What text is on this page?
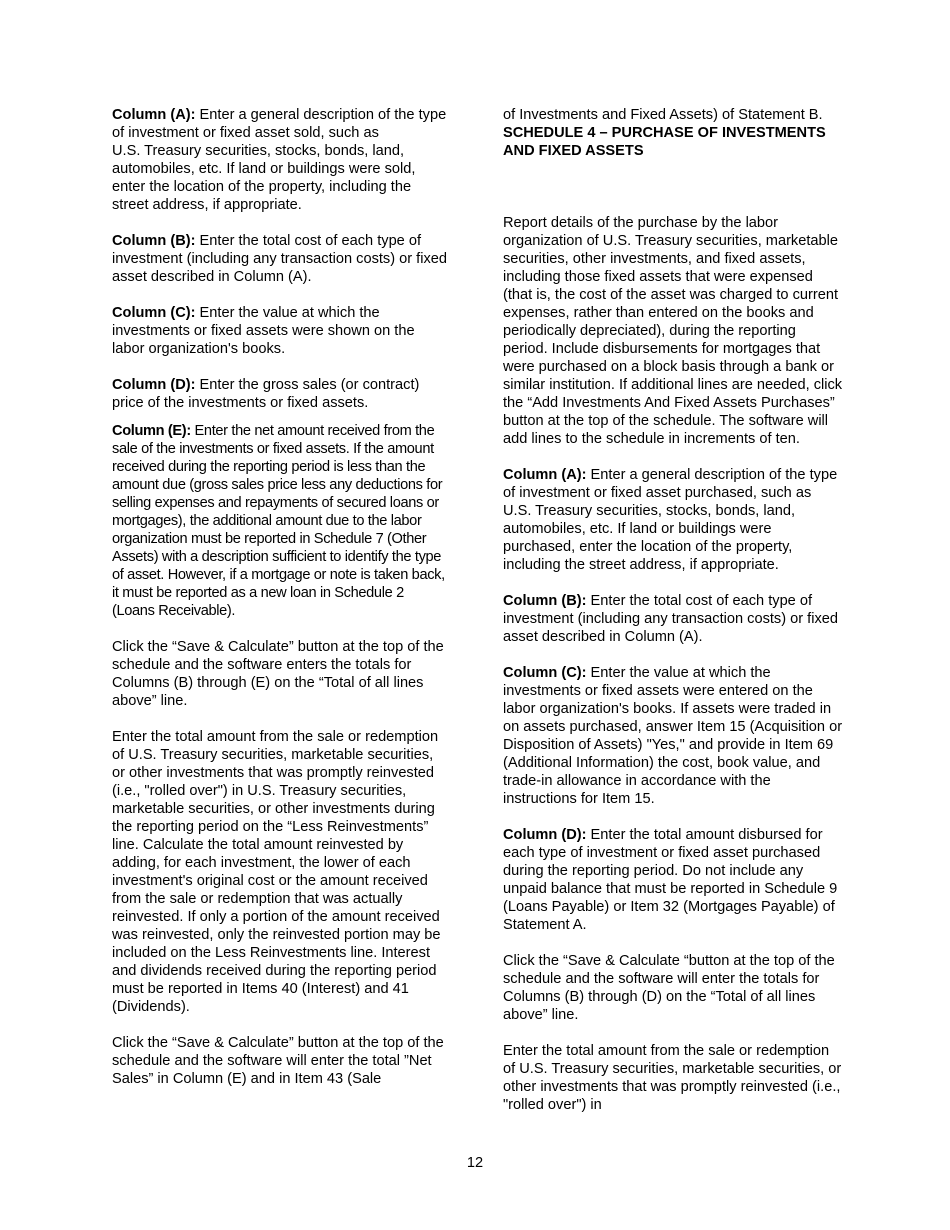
Column (A): Enter a general description of the type of investment or fixed asset sold, such as

U.S. Treasury securities, stocks, bonds, land, automobiles, etc. If land or buildings were sold, enter the location of the property, including the street address, if appropriate.

Column (B): Enter the total cost of each type of investment (including any transaction costs) or fixed asset described in Column (A).

Column (C): Enter the value at which the investments or fixed assets were shown on the labor organization's books.

Column (D): Enter the gross sales (or contract) price of the investments or fixed assets.

Column (E): Enter the net amount received from the sale of the investments or fixed assets. If the amount received during the reporting period is less than the amount due (gross sales price less any deductions for selling expenses and repayments of secured loans or mortgages), the additional amount due to the labor organization must be reported in Schedule 7 (Other Assets) with a description sufficient to identify the type of asset. However, if a mortgage or note is taken back, it must be reported as a new loan in Schedule 2 (Loans Receivable).

Click the “Save & Calculate” button at the top of the schedule and the software enters the totals for Columns (B) through (E) on the “Total of all lines above” line.

Enter the total amount from the sale or redemption of U.S. Treasury securities, marketable securities, or other investments that was promptly reinvested (i.e., "rolled over") in U.S. Treasury securities, marketable securities, or other investments during the reporting period on the “Less Reinvestments” line. Calculate the total amount reinvested by adding, for each investment, the lower of each investment's original cost or the amount received from the sale or redemption that was actually reinvested. If only a portion of the amount received was reinvested, only the reinvested portion may be included on the Less Reinvestments line. Interest and dividends received during the reporting period must be reported in Items 40 (Interest) and 41 (Dividends).

Click the “Save & Calculate” button at the top of the schedule and the software will enter the total ”Net Sales” in Column (E) and in Item 43 (Sale

of Investments and Fixed Assets) of Statement B.

SCHEDULE 4 – PURCHASE OF INVESTMENTS AND FIXED ASSETS

Report details of the purchase by the labor organization of U.S. Treasury securities, marketable securities, other investments, and fixed assets, including those fixed assets that were expensed (that is, the cost of the asset was charged to current expenses, rather than entered on the books and periodically depreciated), during the reporting period. Include disbursements for mortgages that were purchased on a block basis through a bank or similar institution. If additional lines are needed, click the “Add Investments And Fixed Assets Purchases” button at the top of the schedule. The software will add lines to the schedule in increments of ten.

Column (A): Enter a general description of the type of investment or fixed asset purchased, such as U.S. Treasury securities, stocks, bonds, land, automobiles, etc. If land or buildings were purchased, enter the location of the property, including the street address, if appropriate.

Column (B): Enter the total cost of each type of investment (including any transaction costs) or fixed asset described in Column (A).

Column (C): Enter the value at which the investments or fixed assets were entered on the labor organization's books. If assets were traded in on assets purchased, answer Item 15 (Acquisition or Disposition of Assets) "Yes," and provide in Item 69 (Additional Information) the cost, book value, and trade-in allowance in accordance with the instructions for Item 15.

Column (D): Enter the total amount disbursed for each type of investment or fixed asset purchased during the reporting period. Do not include any unpaid balance that must be reported in Schedule 9 (Loans Payable) or Item 32 (Mortgages Payable) of Statement A.

Click the “Save & Calculate “button at the top of the schedule and the software will enter the totals for Columns (B) through (D) on the “Total of all lines above” line.

Enter the total amount from the sale or redemption of U.S. Treasury securities, marketable securities, or other investments that was promptly reinvested (i.e., "rolled over") in

12
